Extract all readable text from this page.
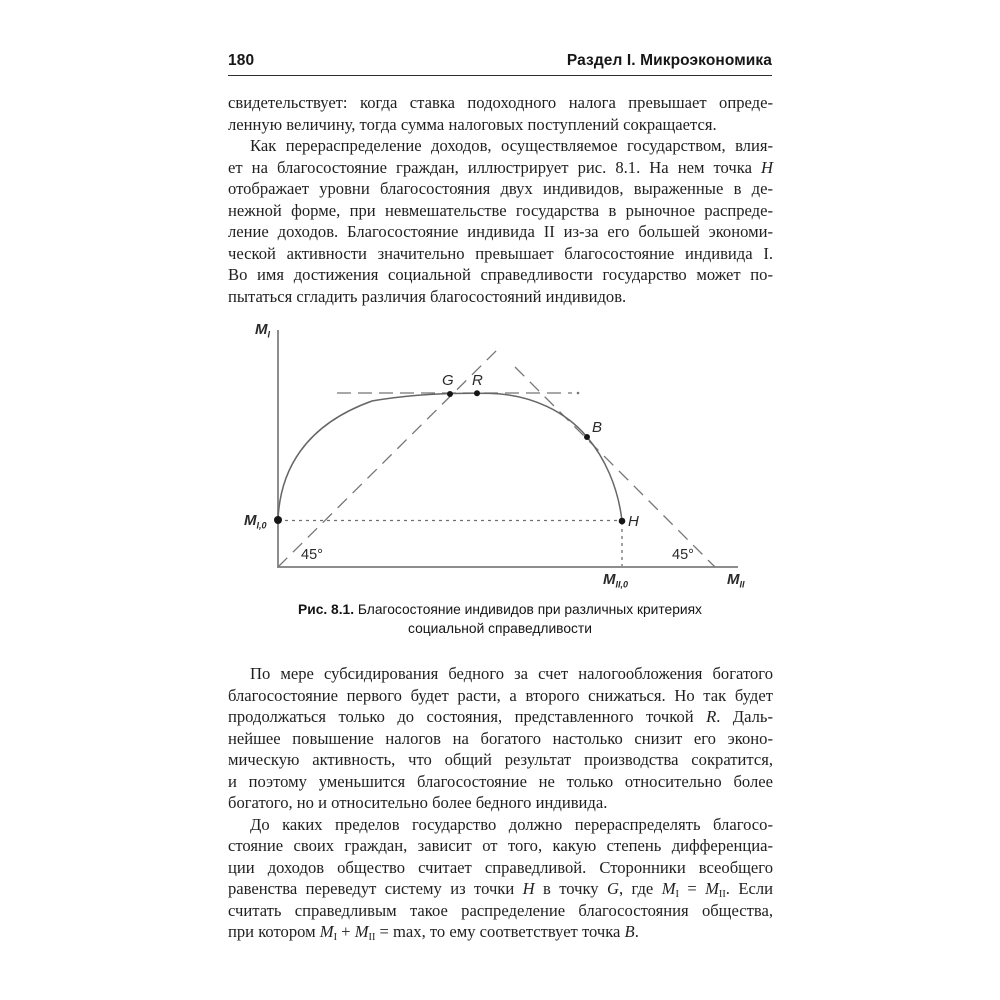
180	Раздел I. Микроэкономика
свидетельствует: когда ставка подоходного налога превышает опреде-
ленную величину, тогда сумма налоговых поступлений сокращается.
Как перераспределение доходов, осуществляемое государством, влия-
ет на благосостояние граждан, иллюстрирует рис. 8.1. На нем точка H
отображает уровни благосостояния двух индивидов, выраженные в де-
нежной форме, при невмешательстве государства в рыночное распреде-
ление доходов. Благосостояние индивида II из-за его большей экономи-
ческой активности значительно превышает благосостояние индивида I.
Во имя достижения социальной справедливости государство может по-
пытаться сгладить различия благосостояний индивидов.
$M_I$
$M_{I,0}$
$M_{II,0}$	$M_{II}$
G R
B
H
45°	45°
Рис. 8.1. Благосостояние индивидов при различных критериях
социальной справедливости
По мере субсидирования бедного за счет налогообложения богатого
благосостояние первого будет расти, а второго снижаться. Но так будет
продолжаться только до состояния, представленного точкой R. Даль-
нейшее повышение налогов на богатого настолько снизит его эконо-
мическую активность, что общий результат производства сократится,
и поэтому уменьшится благосостояние не только относительно более
богатого, но и относительно более бедного индивида.
До каких пределов государство должно перераспределять благосо-
стояние своих граждан, зависит от того, какую степень дифференциа-
ции доходов общество считает справедливой. Сторонники всеобщего
равенства переведут систему из точки H в точку G, где $M_I = M_{II}$. Если
считать справедливым такое распределение благосостояния общества,
при котором $M_I + M_{II} = \max$, то ему соответствует точка B.
